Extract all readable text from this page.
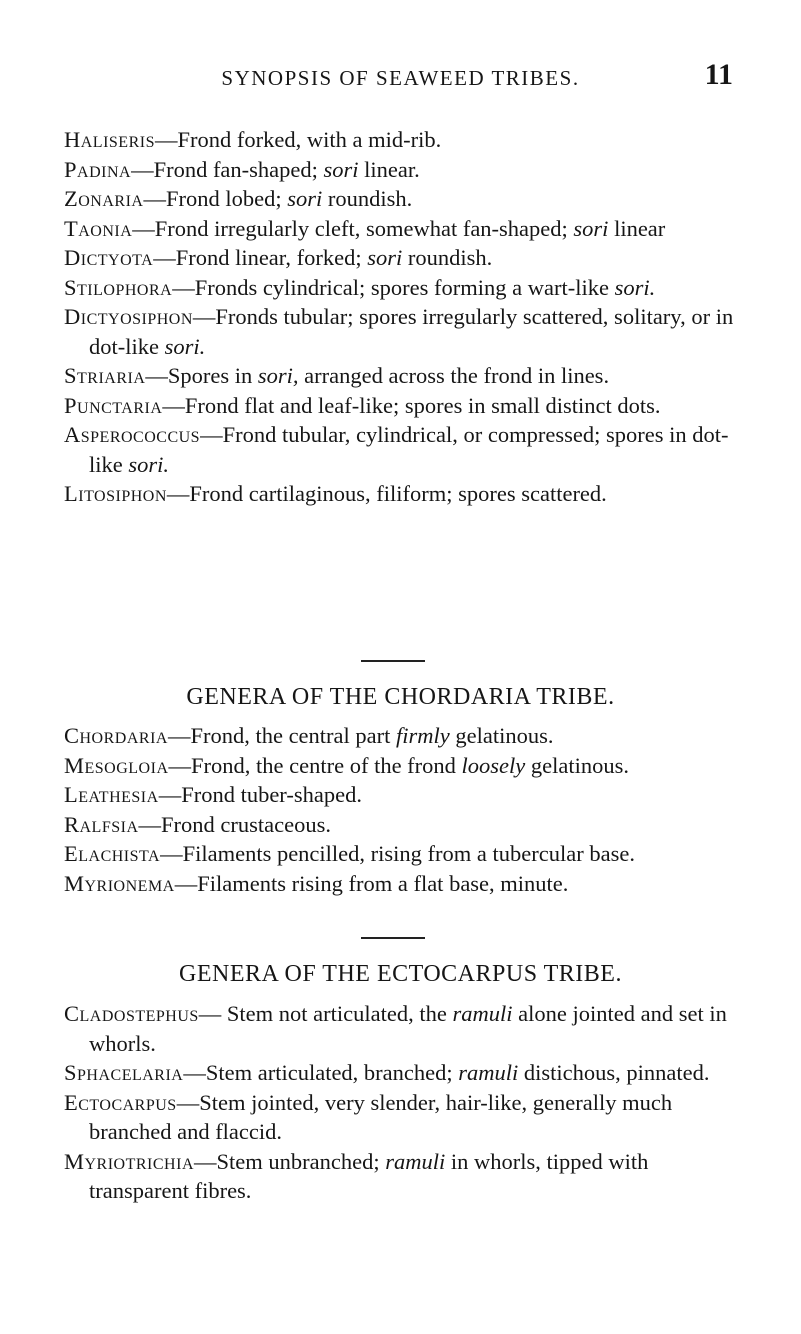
SYNOPSIS OF SEAWEED TRIBES.	11
Haliseris—Frond forked, with a mid-rib.
Padina—Frond fan-shaped; sori linear.
Zonaria—Frond lobed; sori roundish.
Taonia—Frond irregularly cleft, somewhat fan-shaped; sori linear
Dictyota—Frond linear, forked; sori roundish.
Stilophora—Fronds cylindrical; spores forming a wart-like sori.
Dictyosiphon—Fronds tubular; spores irregularly scattered, solitary, or in dot-like sori.
Striaria—Spores in sori, arranged across the frond in lines.
Punctaria—Frond flat and leaf-like; spores in small distinct dots.
Asperococcus—Frond tubular, cylindrical, or compressed; spores in dot-like sori.
Litosiphon—Frond cartilaginous, filiform; spores scattered.
GENERA OF THE CHORDARIA TRIBE.
Chordaria—Frond, the central part firmly gelatinous.
Mesogloia—Frond, the centre of the frond loosely gelatinous.
Leathesia—Frond tuber-shaped.
Ralfsia—Frond crustaceous.
Elachista—Filaments pencilled, rising from a tubercular base.
Myrionema—Filaments rising from a flat base, minute.
GENERA OF THE ECTOCARPUS TRIBE.
Cladostephus— Stem not articulated, the ramuli alone jointed and set in whorls.
Sphacelaria—Stem articulated, branched; ramuli distichous, pinnated.
Ectocarpus—Stem jointed, very slender, hair-like, generally much branched and flaccid.
Myriotrichia—Stem unbranched; ramuli in whorls, tipped with transparent fibres.
